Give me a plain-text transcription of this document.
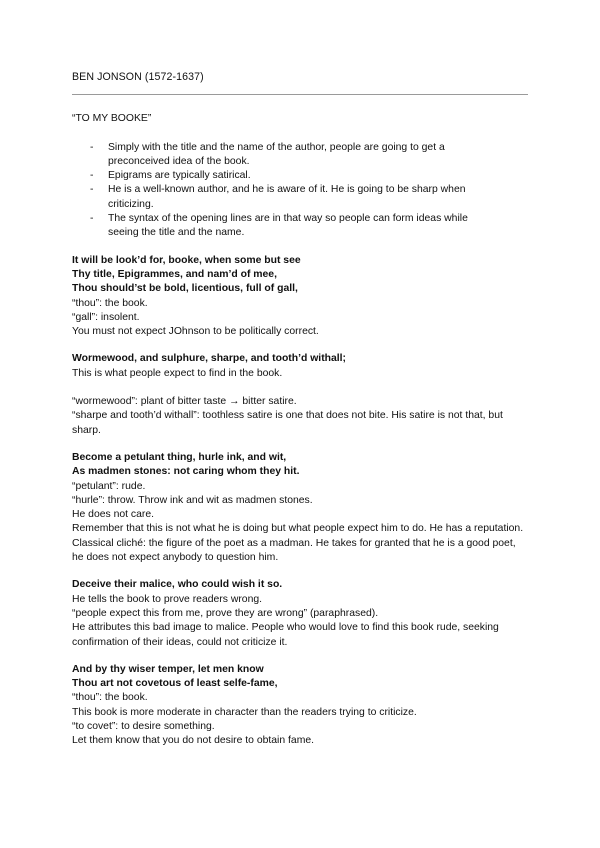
BEN JONSON (1572-1637)
“TO MY BOOKE”
- Simply with the title and the name of the author, people are going to get a preconceived idea of the book.
- Epigrams are typically satirical.
- He is a well-known author, and he is aware of it. He is going to be sharp when criticizing.
- The syntax of the opening lines are in that way so people can form ideas while seeing the title and the name.

It will be look’d for, booke, when some but see

Thy title, Epigrammes, and nam’d of mee,

Thou should’st be bold, licentious, full of gall,

“thou”: the book.

“gall”: insolent.

You must not expect JOhnson to be politically correct.

Wormewood, and sulphure, sharpe, and tooth’d withall;

This is what people expect to find in the book.

“wormewood”: plant of bitter taste → bitter satire.

“sharpe and tooth’d withall”: toothless satire is one that does not bite. His satire is not that, but sharp.

Become a petulant thing, hurle ink, and wit,

As madmen stones: not caring whom they hit.

“petulant”: rude.

“hurle”: throw. Throw ink and wit as madmen stones.

He does not care.

Remember that this is not what he is doing but what people expect him to do. He has a reputation. Classical cliché: the figure of the poet as a madman. He takes for granted that he is a good poet, he does not expect anybody to question him.

Deceive their malice, who could wish it so.

He tells the book to prove readers wrong.

“people expect this from me, prove they are wrong” (paraphrased).

He attributes this bad image to malice. People who would love to find this book rude, seeking confirmation of their ideas, could not criticize it.

And by thy wiser temper, let men know

Thou art not covetous of least selfe-fame,

“thou”: the book.

This book is more moderate in character than the readers trying to criticize.

“to covet”: to desire something.

Let them know that you do not desire to obtain fame.
